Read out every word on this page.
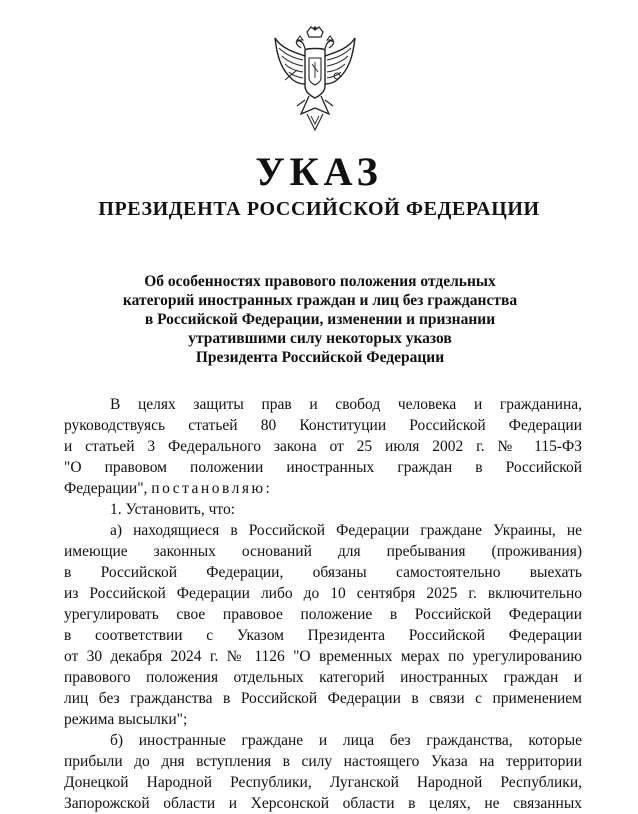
УКАЗ
ПРЕЗИДЕНТА РОССИЙСКОЙ ФЕДЕРАЦИИ
Об особенностях правового положения отдельных
категорий иностранных граждан и лиц без гражданства
в Российской Федерации, изменении и признании
утратившими силу некоторых указов
Президента Российской Федерации
В целях защиты прав и свобод человека и гражданина,
руководствуясь статьей 80 Конституции Российской Федерации
и статьей 3 Федерального закона от 25 июля 2002 г. № 115-ФЗ
"О правовом положении иностранных граждан в Российской
Федерации", постановляю:
1. Установить, что:
а) находящиеся в Российской Федерации граждане Украины, не
имеющие законных оснований для пребывания (проживания)
в Российской Федерации, обязаны самостоятельно выехать
из Российской Федерации либо до 10 сентября 2025 г. включительно
урегулировать свое правовое положение в Российской Федерации
в соответствии с Указом Президента Российской Федерации
от 30 декабря 2024 г. № 1126 "О временных мерах по урегулированию
правового положения отдельных категорий иностранных граждан и
лиц без гражданства в Российской Федерации в связи с применением
режима высылки";
б) иностранные граждане и лица без гражданства, которые
прибыли до дня вступления в силу настоящего Указа на территории
Донецкой Народной Республики, Луганской Народной Республики,
Запорожской области и Херсонской области в целях, не связанных
